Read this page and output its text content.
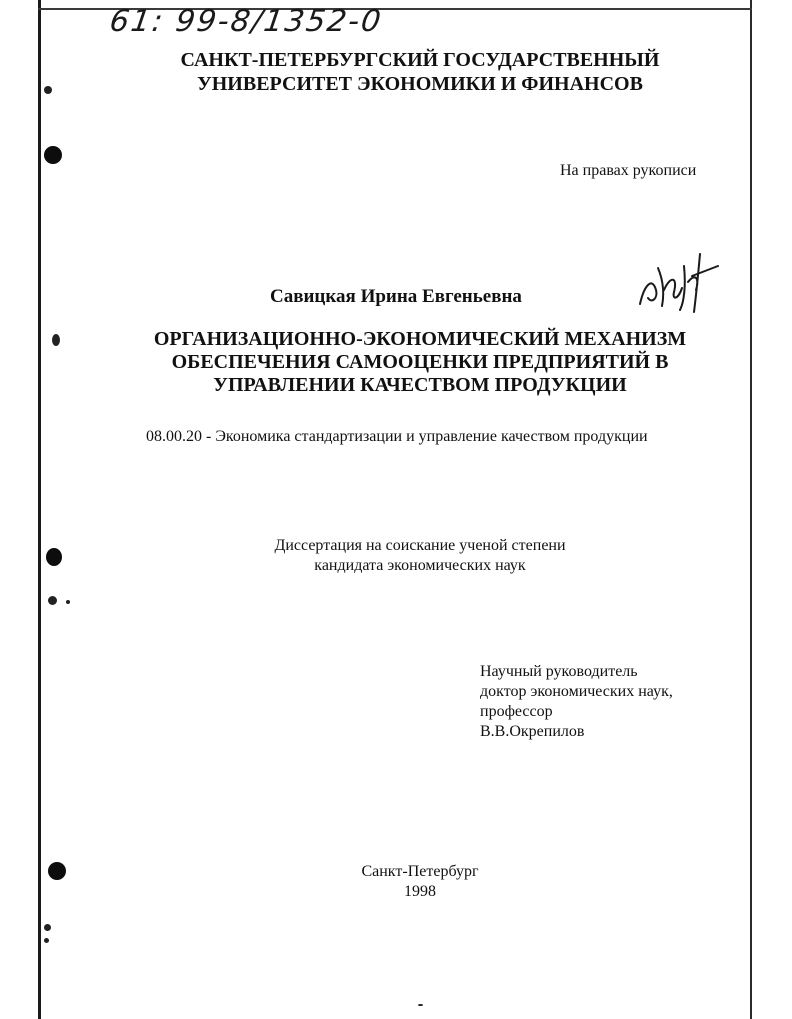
61: 99-8/1352-0
САНКТ-ПЕТЕРБУРГСКИЙ ГОСУДАРСТВЕННЫЙ
УНИВЕРСИТЕТ ЭКОНОМИКИ И ФИНАНСОВ
На правах рукописи
Савицкая Ирина Евгеньевна
ОРГАНИЗАЦИОННО-ЭКОНОМИЧЕСКИЙ МЕХАНИЗМ
ОБЕСПЕЧЕНИЯ САМООЦЕНКИ ПРЕДПРИЯТИЙ В
УПРАВЛЕНИИ КАЧЕСТВОМ ПРОДУКЦИИ
08.00.20 - Экономика стандартизации и управление качеством продукции
Диссертация на соискание ученой степени
кандидата экономических наук
Научный руководитель
доктор экономических наук,
профессор
В.В.Окрепилов
Санкт-Петербург
1998
